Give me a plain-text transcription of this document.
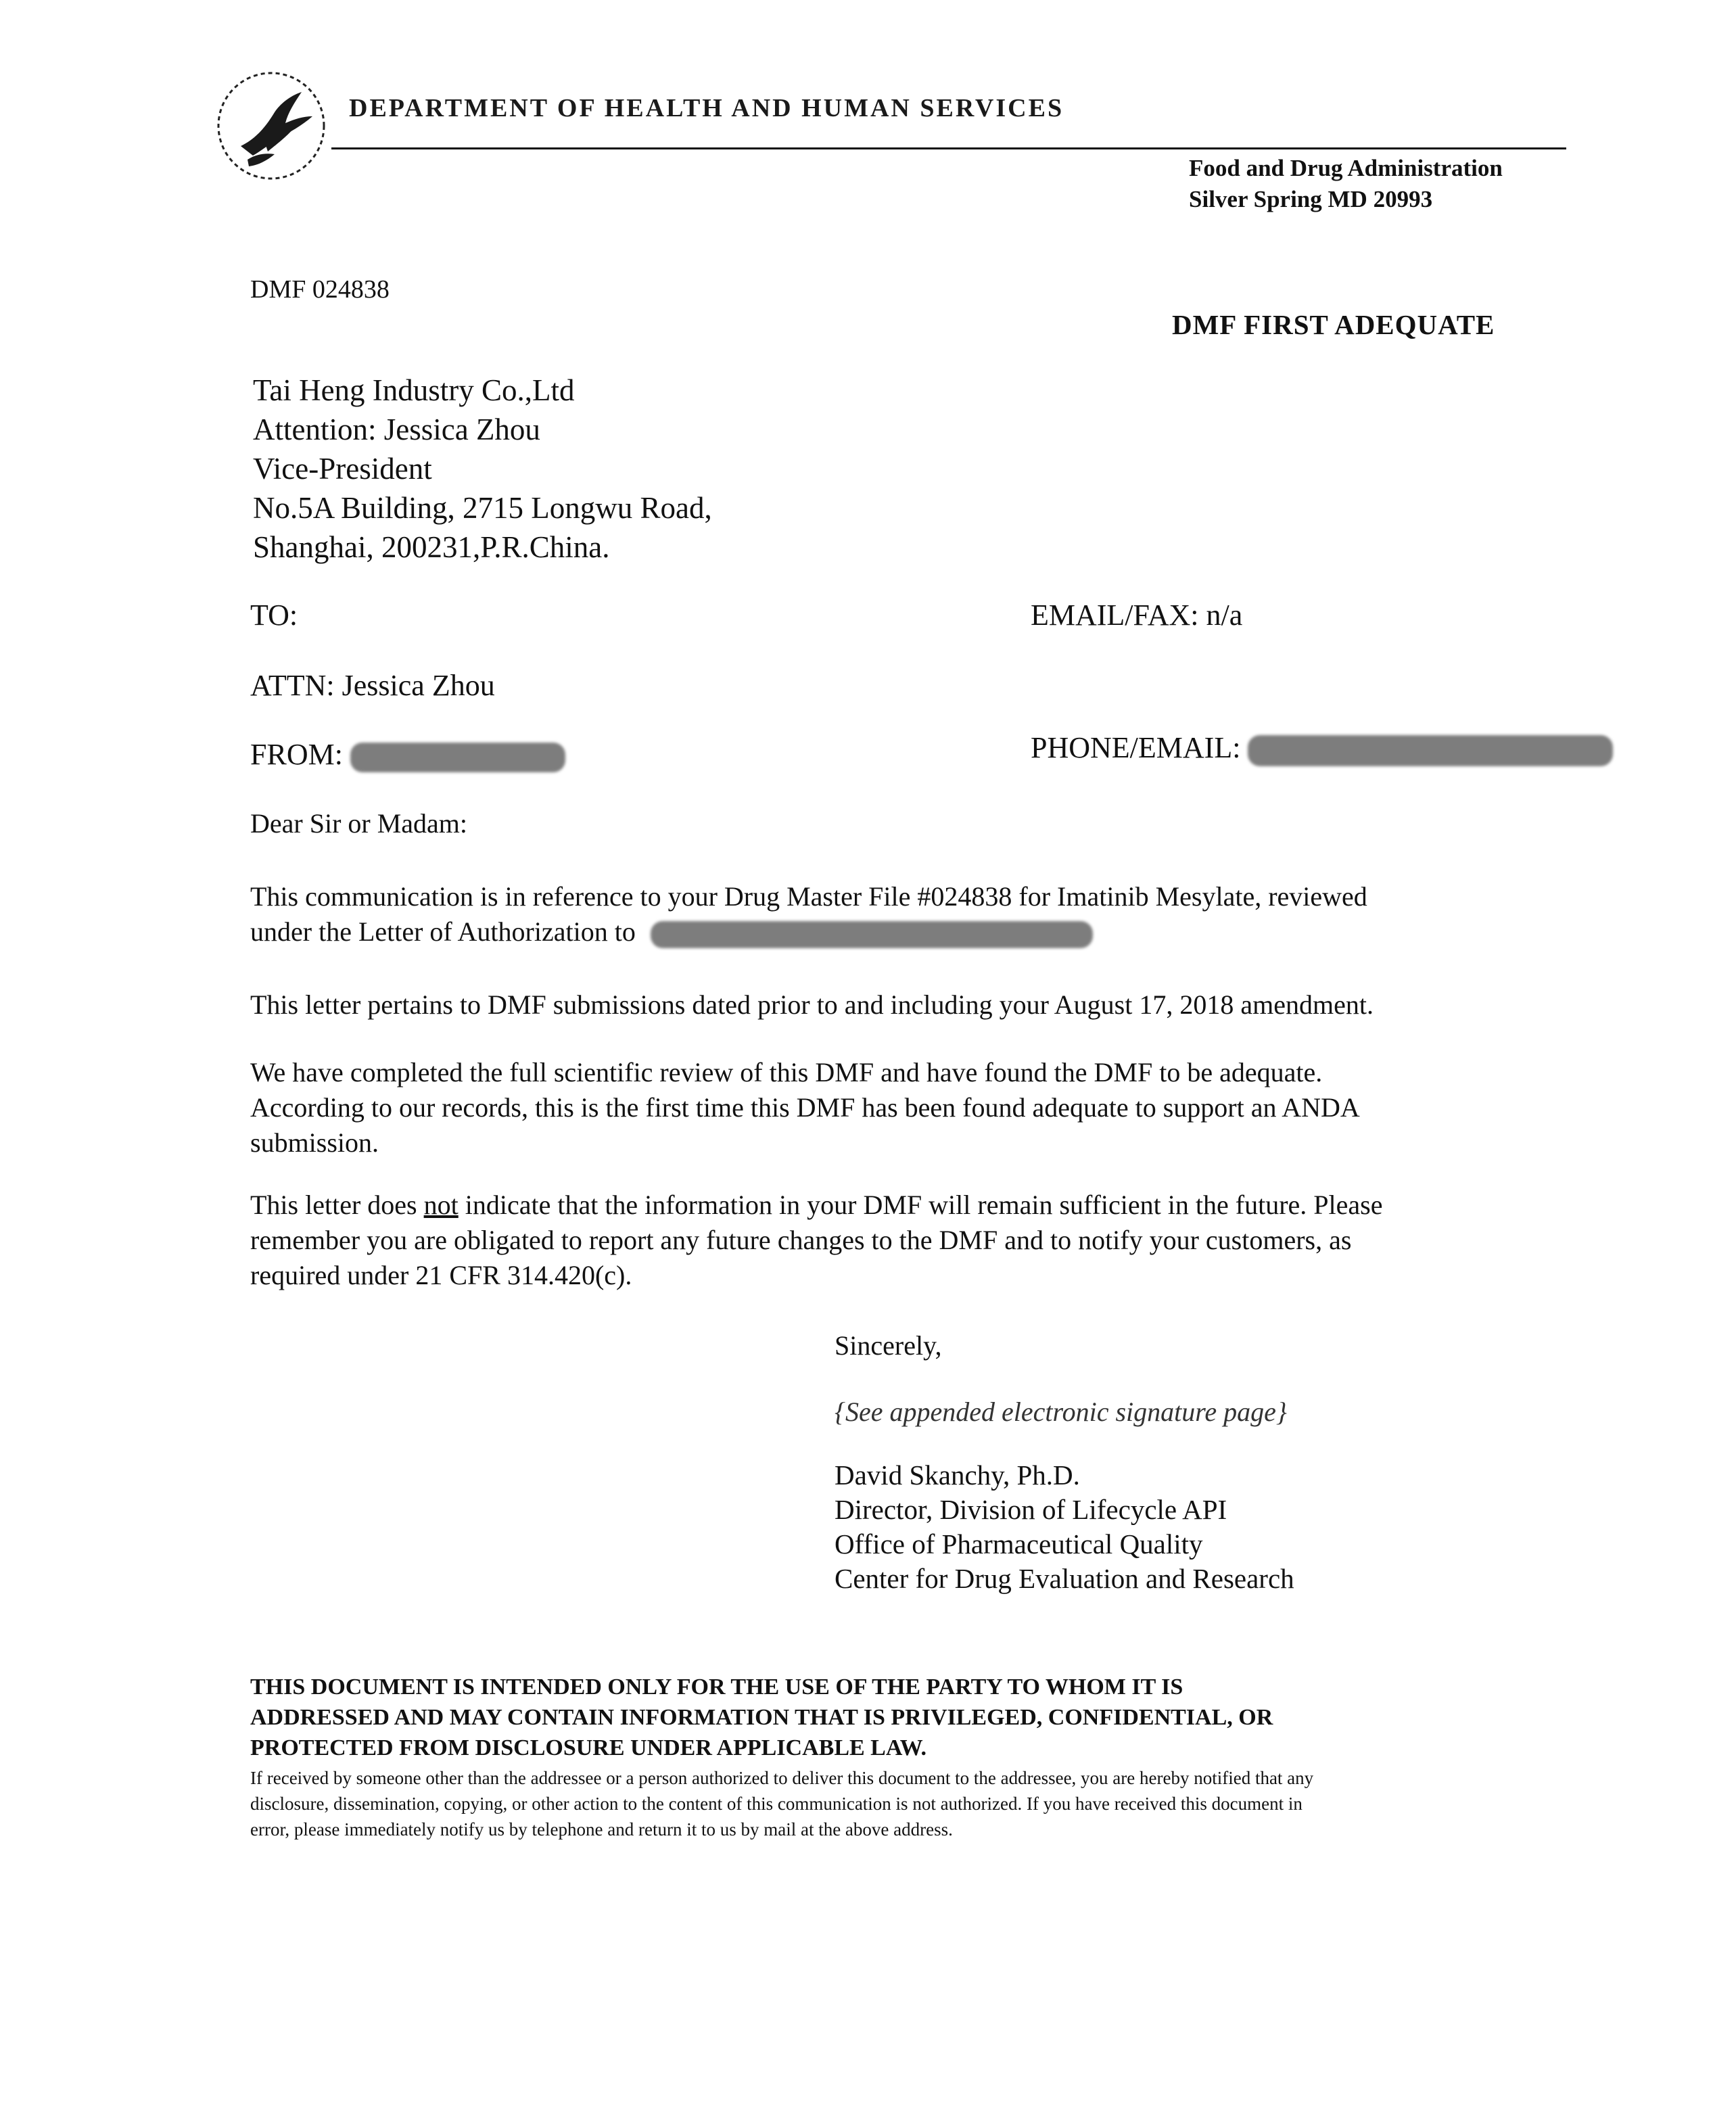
DEPARTMENT OF HEALTH AND HUMAN SERVICES
Food and Drug Administration
Silver Spring MD 20993
DMF 024838
DMF FIRST ADEQUATE
Tai Heng Industry Co.,Ltd
Attention: Jessica Zhou
Vice-President
No.5A Building, 2715 Longwu Road,
Shanghai, 200231,P.R.China.
TO:	EMAIL/FAX: n/a
ATTN: Jessica Zhou
FROM:	PHONE/EMAIL:
Dear Sir or Madam:
This communication is in reference to your Drug Master File #024838 for Imatinib Mesylate, reviewed
under the Letter of Authorization to
This letter pertains to DMF submissions dated prior to and including your August 17, 2018 amendment.
We have completed the full scientific review of this DMF and have found the DMF to be adequate.
According to our records, this is the first time this DMF has been found adequate to support an ANDA
submission.
This letter does not indicate that the information in your DMF will remain sufficient in the future. Please
remember you are obligated to report any future changes to the DMF and to notify your customers, as
required under 21 CFR 314.420(c).
Sincerely,
{See appended electronic signature page}
David Skanchy, Ph.D.
Director, Division of Lifecycle API
Office of Pharmaceutical Quality
Center for Drug Evaluation and Research
THIS DOCUMENT IS INTENDED ONLY FOR THE USE OF THE PARTY TO WHOM IT IS
ADDRESSED AND MAY CONTAIN INFORMATION THAT IS PRIVILEGED, CONFIDENTIAL, OR
PROTECTED FROM DISCLOSURE UNDER APPLICABLE LAW.
If received by someone other than the addressee or a person authorized to deliver this document to the addressee, you are hereby notified that any
disclosure, dissemination, copying, or other action to the content of this communication is not authorized. If you have received this document in
error, please immediately notify us by telephone and return it to us by mail at the above address.
